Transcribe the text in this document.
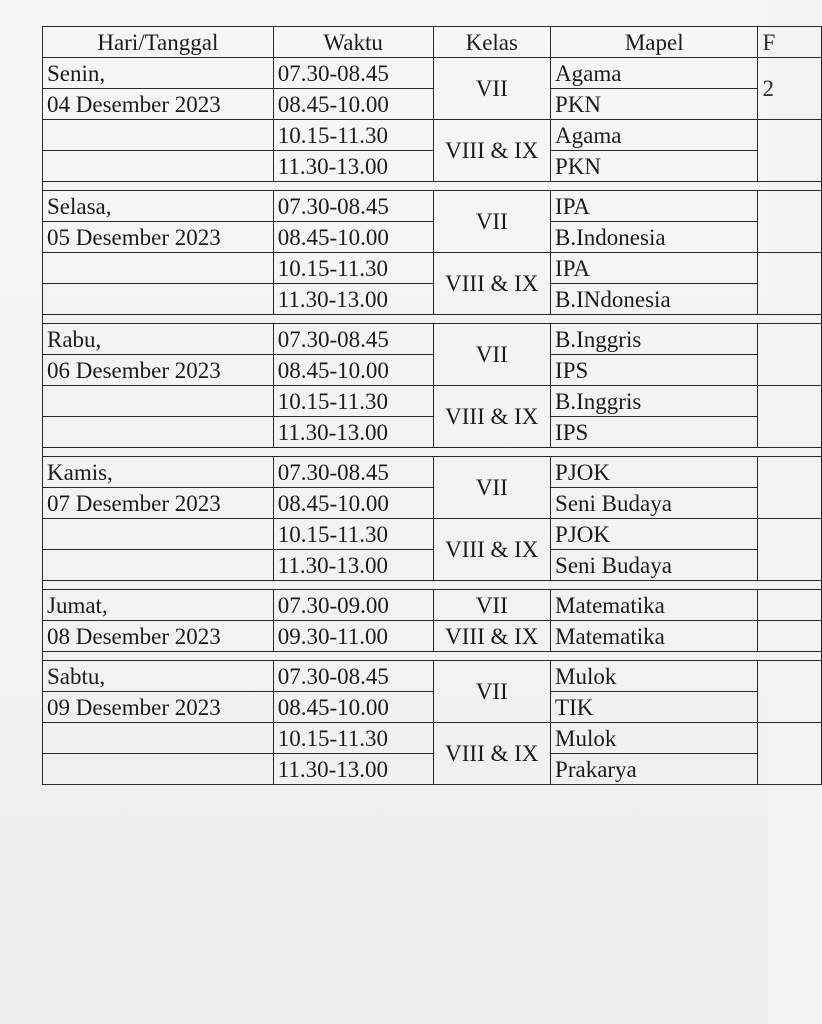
Hari/Tanggal	Waktu	Kelas	Mapel	F
Senin,	07.30-08.45	VII	Agama	2
04 Desember 2023	08.45-10.00		PKN	
	10.15-11.30	VIII & IX	Agama	
	11.30-13.00		PKN	

Selasa,	07.30-08.45	VII	IPA	
05 Desember 2023	08.45-10.00		B.Indonesia	
	10.15-11.30	VIII & IX	IPA	
	11.30-13.00		B.INdonesia	

Rabu,	07.30-08.45	VII	B.Inggris	
06 Desember 2023	08.45-10.00		IPS	
	10.15-11.30	VIII & IX	B.Inggris	
	11.30-13.00		IPS	

Kamis,	07.30-08.45	VII	PJOK	
07 Desember 2023	08.45-10.00		Seni Budaya	
	10.15-11.30	VIII & IX	PJOK	
	11.30-13.00		Seni Budaya	

Jumat,	07.30-09.00	VII	Matematika	
08 Desember 2023	09.30-11.00	VIII & IX	Matematika	

Sabtu,	07.30-08.45	VII	Mulok	
09 Desember 2023	08.45-10.00		TIK	
	10.15-11.30	VIII & IX	Mulok	
	11.30-13.00		Prakarya	
